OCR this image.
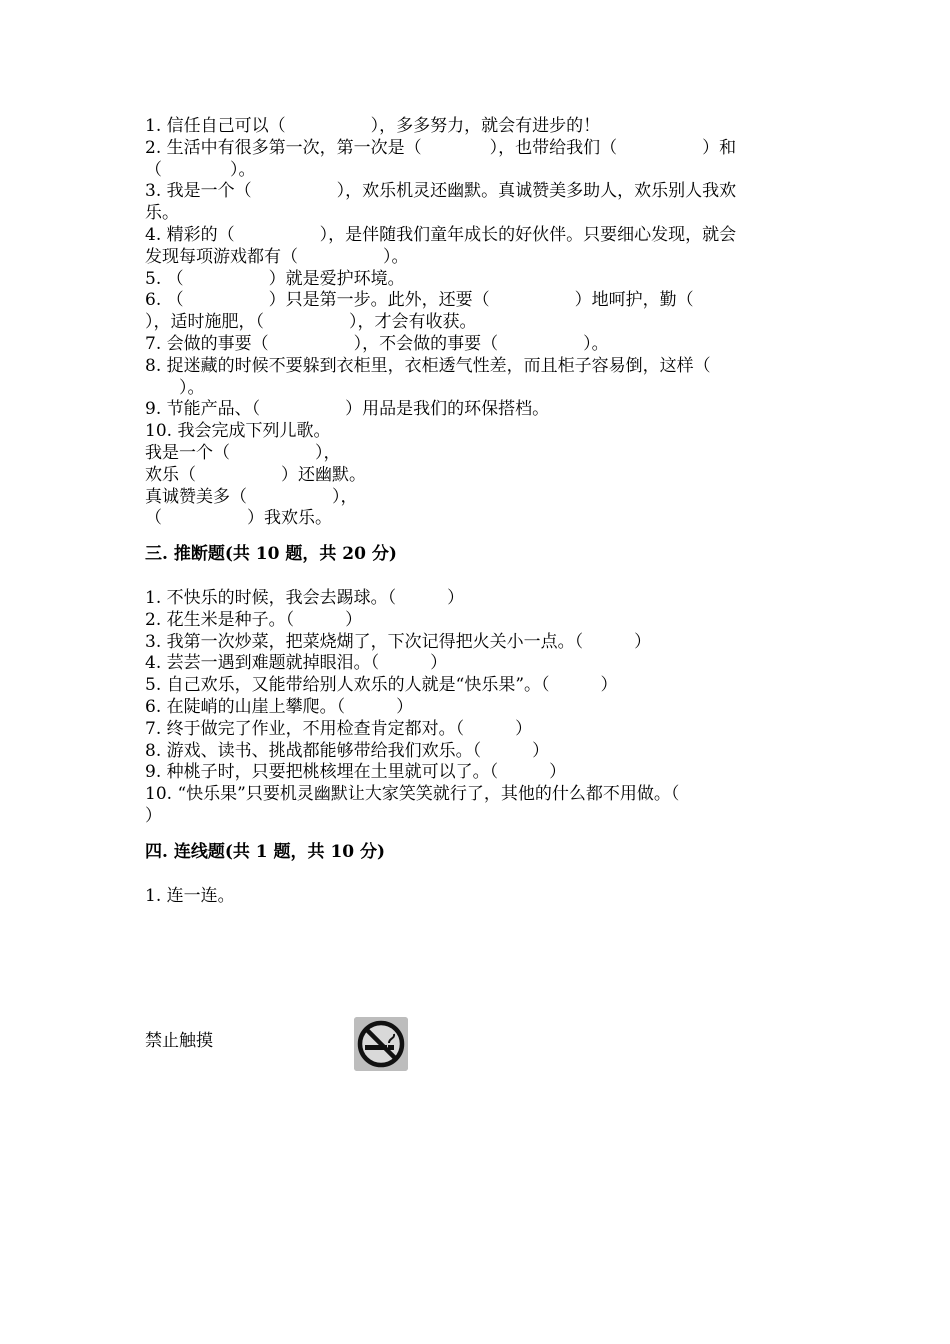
1. 信任自己可以（　　　　　），多多努力，就会有进步的！
2. 生活中有很多第一次，第一次是（　　　　），也带给我们（　　　　　）和
（　　　　）。
3. 我是一个（　　　　　），欢乐机灵还幽默。真诚赞美多助人，欢乐别人我欢
乐。
4. 精彩的（　　　　　），是伴随我们童年成长的好伙伴。只要细心发现，就会
发现每项游戏都有（　　　　　）。
5. （　　　　　）就是爱护环境。
6. （　　　　　）只是第一步。此外，还要（　　　　　）地呵护，勤（
），适时施肥，（　　　　　），才会有收获。
7. 会做的事要（　　　　　），不会做的事要（　　　　　）。
8. 捉迷藏的时候不要躲到衣柜里，衣柜透气性差，而且柜子容易倒，这样（
　　）。
9. 节能产品、（　　　　　）用品是我们的环保搭档。
10. 我会完成下列儿歌。
我是一个（　　　　　），
欢乐（　　　　　）还幽默。
真诚赞美多（　　　　　），
（　　　　　）我欢乐。
三. 推断题(共 10 题，共 20 分)
1. 不快乐的时候，我会去踢球。（　　　）
2. 花生米是种子。（　　　）
3. 我第一次炒菜，把菜烧煳了，下次记得把火关小一点。（　　　）
4. 芸芸一遇到难题就掉眼泪。（　　　）
5. 自己欢乐，又能带给别人欢乐的人就是“快乐果”。（　　　）
6. 在陡峭的山崖上攀爬。（　　　）
7. 终于做完了作业，不用检查肯定都对。（　　　）
8. 游戏、读书、挑战都能够带给我们欢乐。（　　　）
9. 种桃子时，只要把桃核埋在土里就可以了。（　　　）
10. “快乐果”只要机灵幽默让大家笑笑就行了，其他的什么都不用做。（
）
四. 连线题(共 1 题，共 10 分)
1. 连一连。
禁止触摸
